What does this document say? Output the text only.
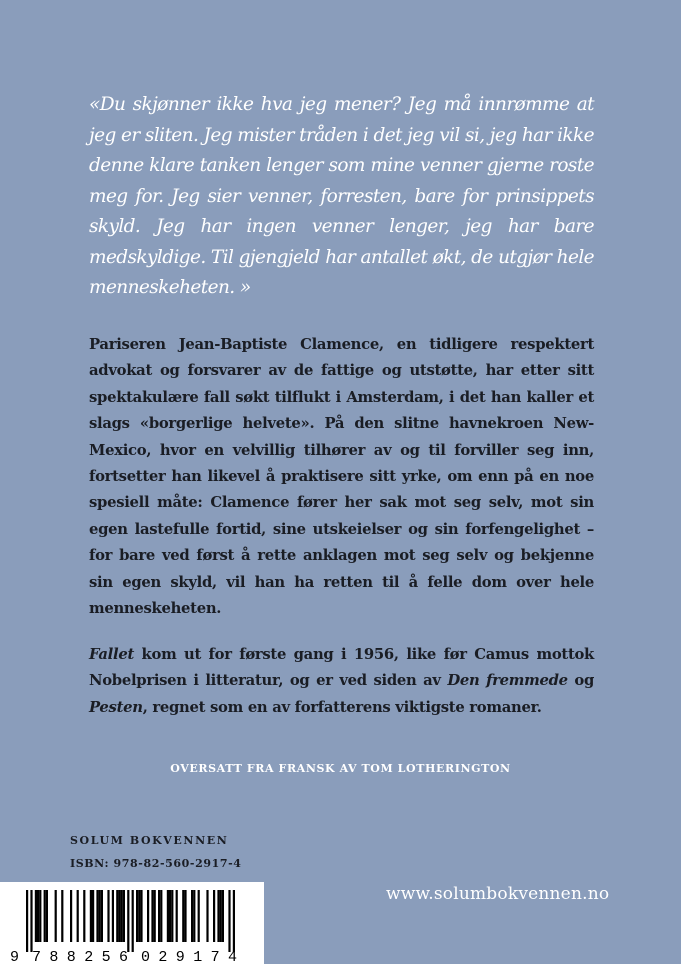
«Du skjønner ikke hva jeg mener? Jeg må innrømme at jeg er sliten. Jeg mister tråden i det jeg vil si, jeg har ikke denne klare tanken lenger som mine venner gjerne roste meg for. Jeg sier venner, forresten, bare for prinsippets skyld. Jeg har ingen venner lenger, jeg har bare medskyldige. Til gjengjeld har antallet økt, de utgjør hele menneskeheten. »

Pariseren Jean-Baptiste Clamence, en tidligere respektert advokat og forsvarer av de fattige og utstøtte, har etter sitt spektakulære fall søkt tilflukt i Amsterdam, i det han kaller et slags «borgerlige helvete». På den slitne havnekroen New-Mexico, hvor en velvillig tilhører av og til forviller seg inn, fortsetter han likevel å praktisere sitt yrke, om enn på en noe spesiell måte: Clamence fører her sak mot seg selv, mot sin egen lastefulle fortid, sine utskeielser og sin forfengelighet – for bare ved først å rette anklagen mot seg selv og bekjenne sin egen skyld, vil han ha retten til å felle dom over hele menneskeheten.

Fallet kom ut for første gang i 1956, like før Camus mottok Nobelprisen i litteratur, og er ved siden av Den fremmede og Pesten, regnet som en av forfatterens viktigste romaner.

OVERSATT FRA FRANSK AV TOM LOTHERINGTON
SOLUM BOKVENNEN
ISBN: 978-82-560-2917-4
www.solumbokvennen.no
9 788256 029174
